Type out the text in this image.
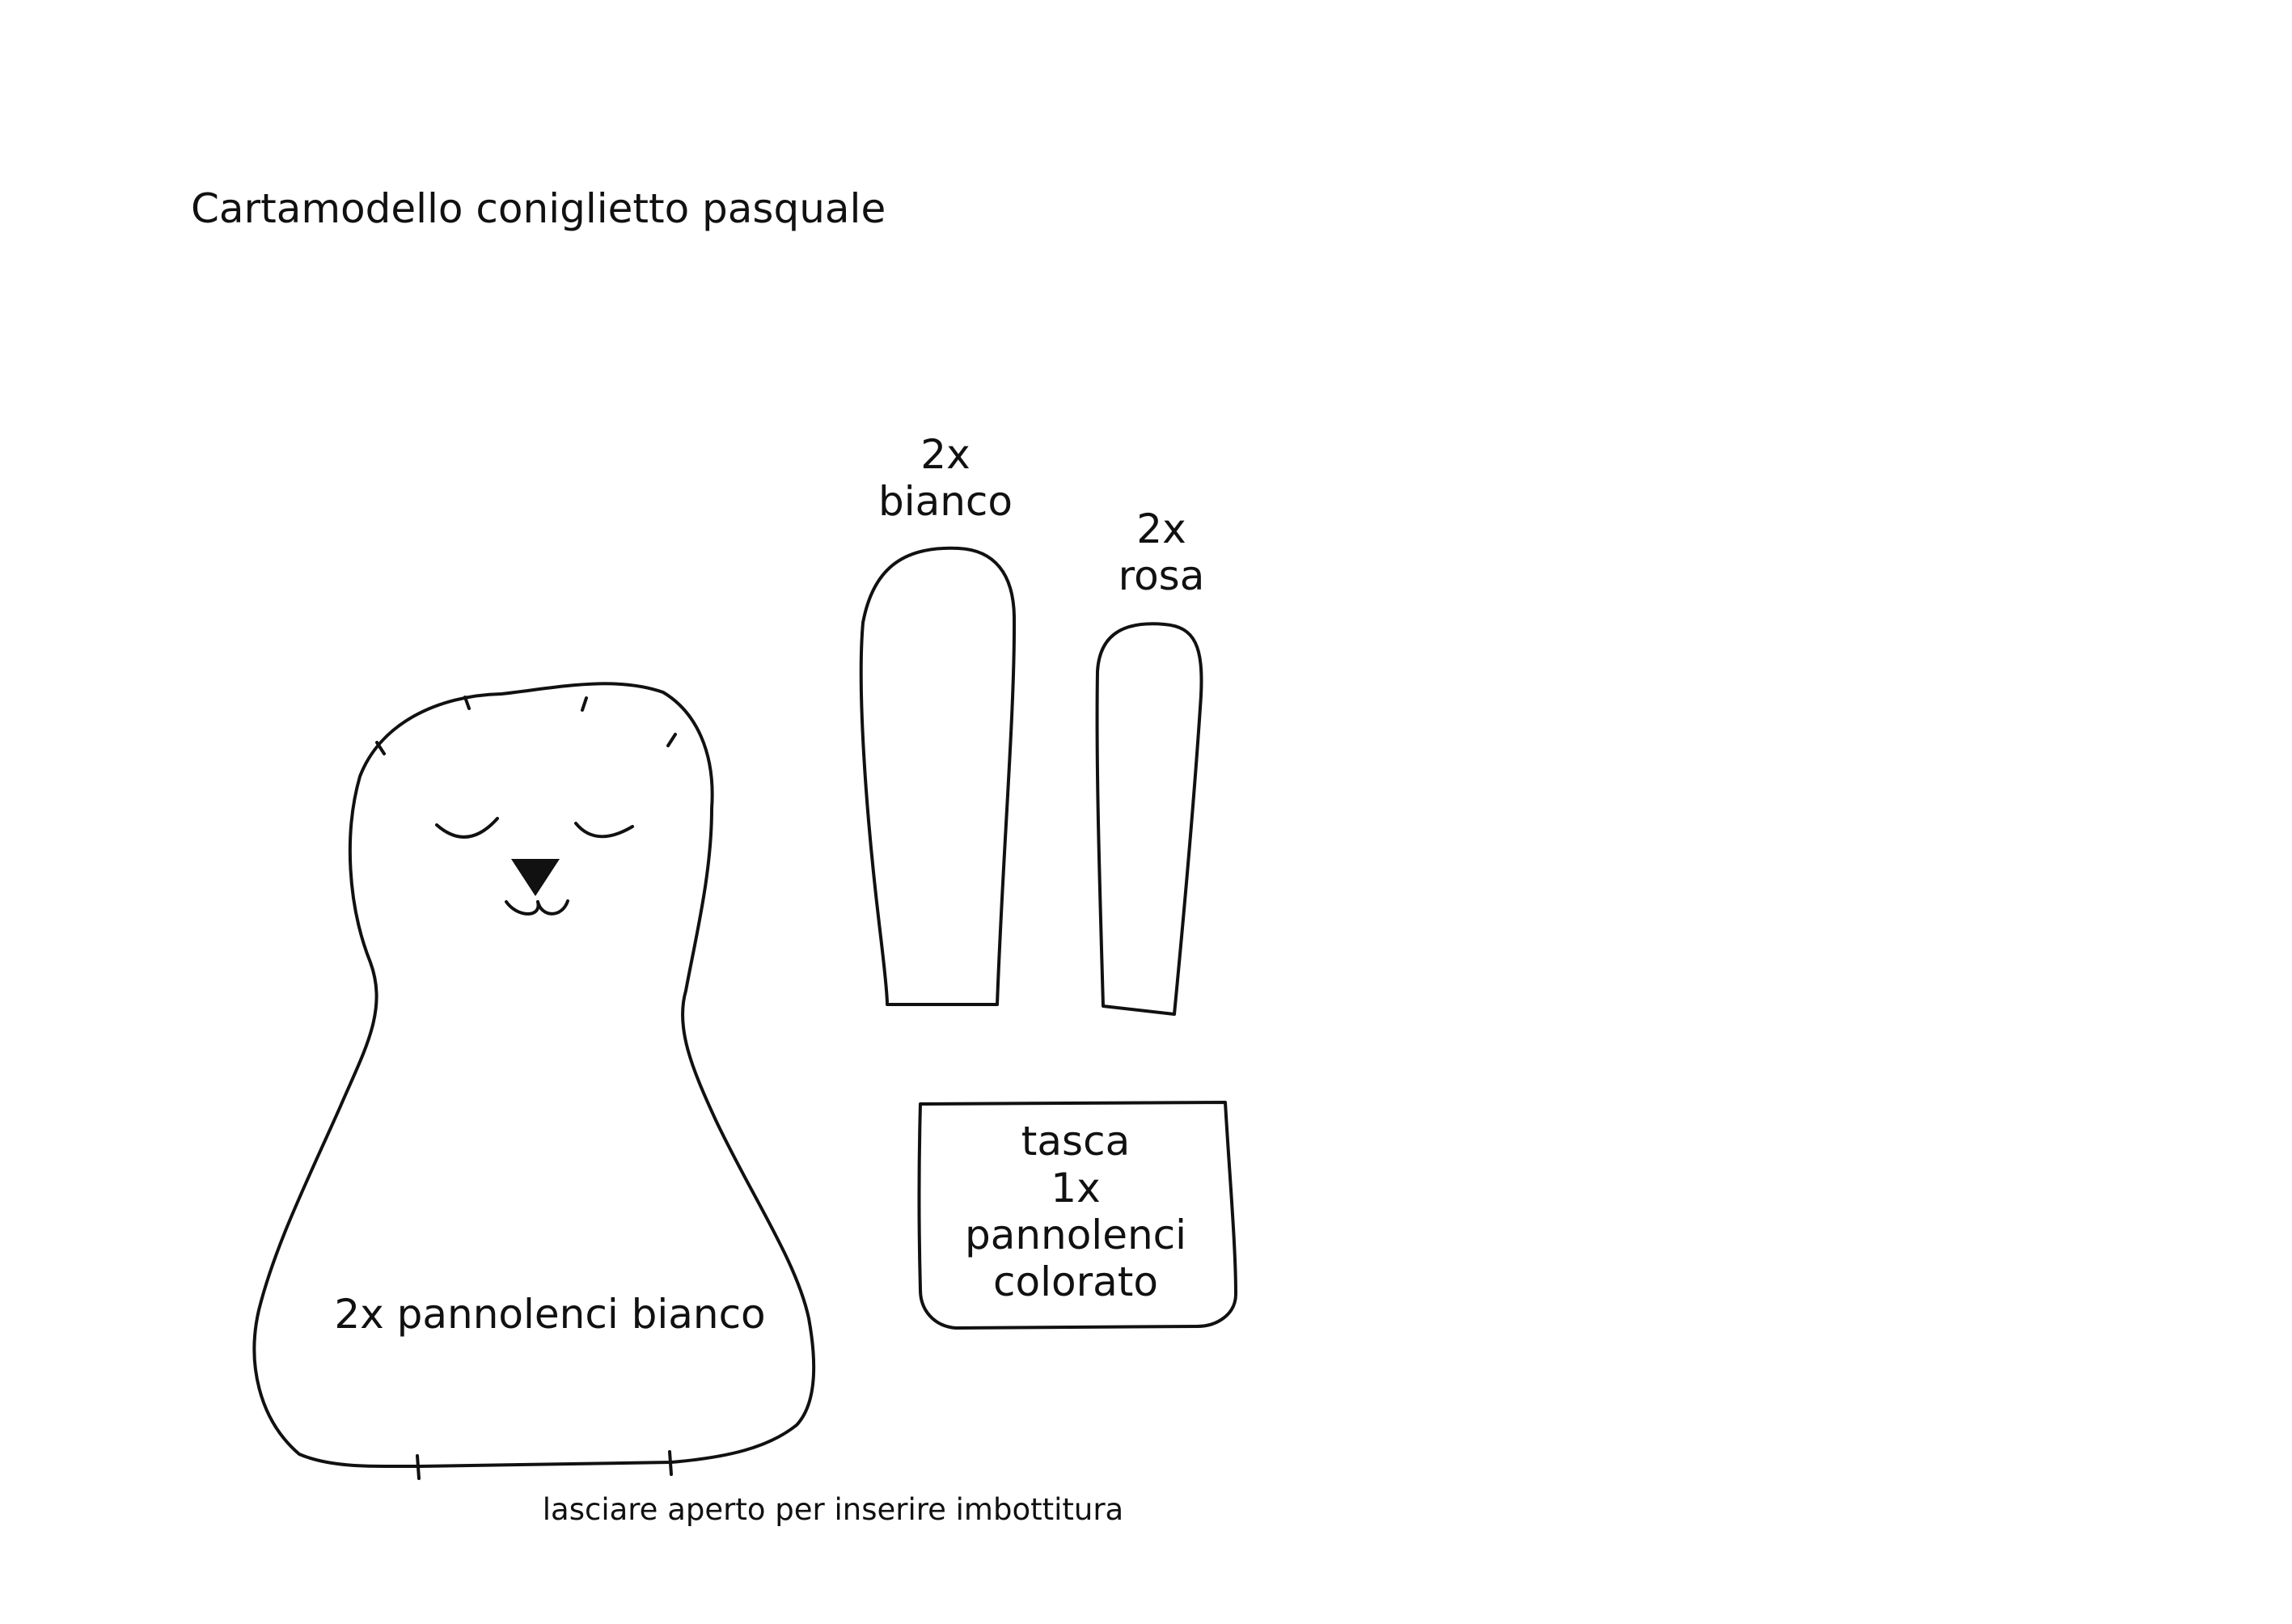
Cartamodello coniglietto pasquale
2x
bianco
2x
rosa
tasca
1x
pannolenci
colorato
2x pannolenci bianco
lasciare aperto per inserire imbottitura
